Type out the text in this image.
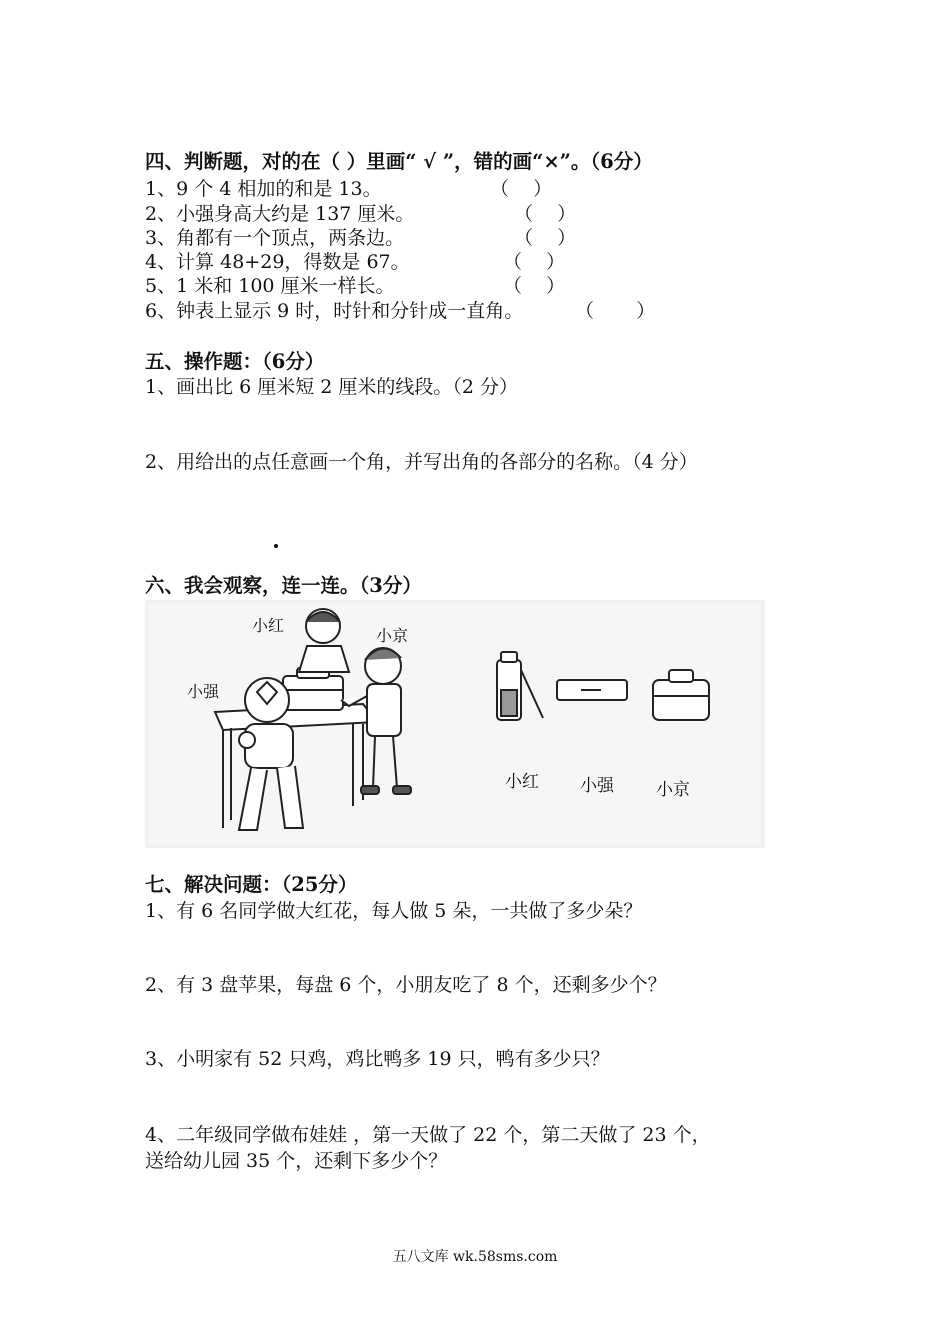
四、判断题，对的在（ ）里画“ √ ”，错的画“×”。（6分）
1、9 个 4 相加的和是 13。	（    ）
2、小强身高大约是 137 厘米。	（    ）
3、角都有一个顶点，两条边。	（    ）
4、计算 48+29，得数是 67。	（    ）
5、1 米和 100 厘米一样长。	（    ）
6、钟表上显示 9 时，时针和分针成一直角。	（       ）
五、操作题：（6分）
1、画出比 6 厘米短 2 厘米的线段。（2 分）
2、用给出的点任意画一个角，并写出角的各部分的名称。（4 分）
六、我会观察，连一连。（3分）
小红
小京
小强
小红 小强 小京
七、解决问题：（25分）
1、有 6 名同学做大红花，每人做 5 朵，一共做了多少朵？
2、有 3 盘苹果，每盘 6 个，小朋友吃了 8 个，还剩多少个？
3、小明家有 52 只鸡，鸡比鸭多 19 只，鸭有多少只？
4、二年级同学做布娃娃 ，第一天做了 22 个，第二天做了 23 个，
送给幼儿园 35 个，还剩下多少个？
五八文库 wk.58sms.com
